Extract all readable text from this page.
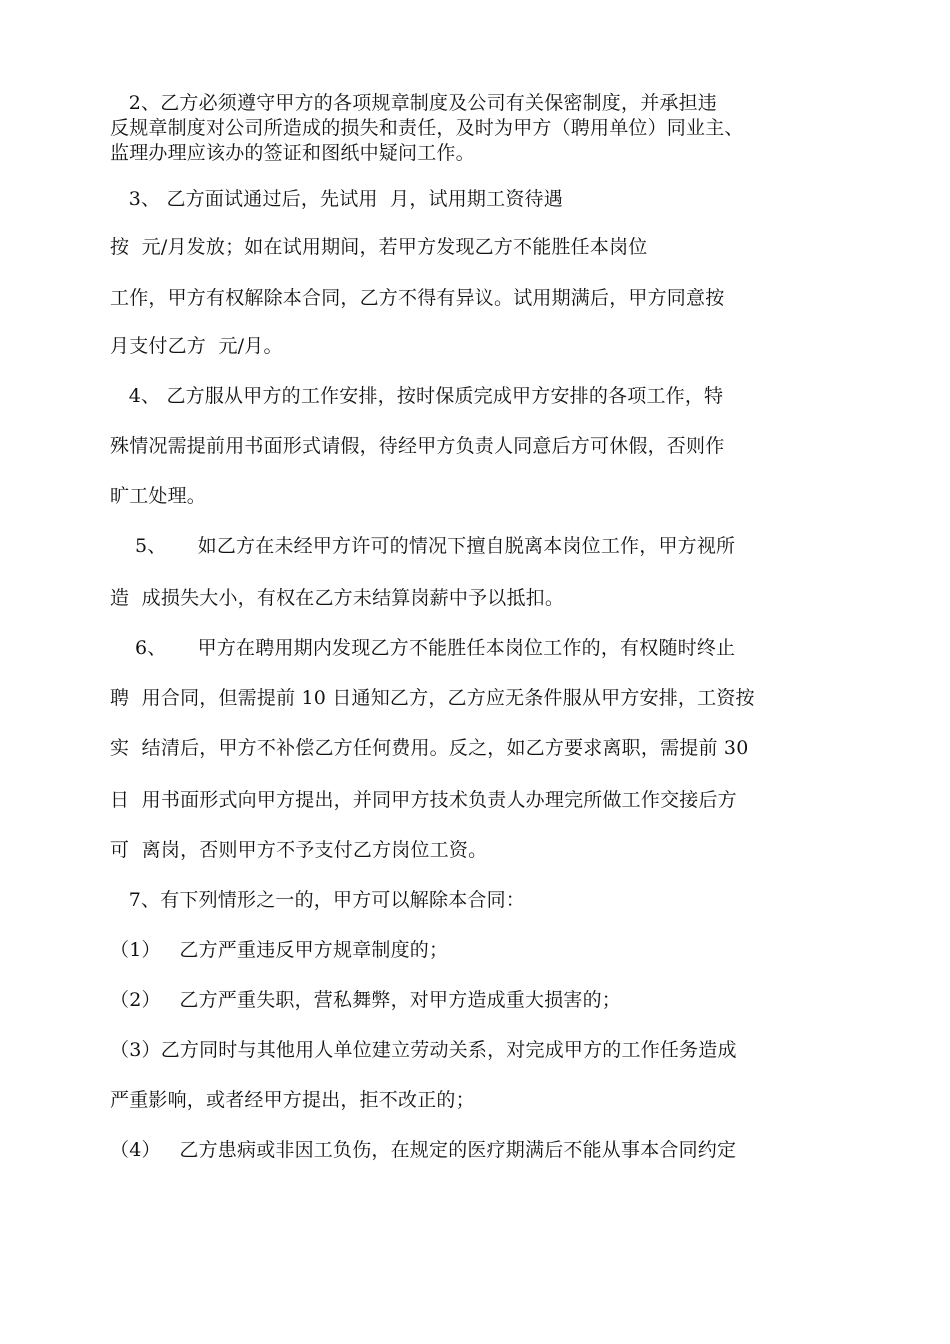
2、乙方必须遵守甲方的各项规章制度及公司有关保密制度，并承担违
反规章制度对公司所造成的损失和责任，及时为甲方（聘用单位）同业主、
监理办理应该办的签证和图纸中疑问工作。
3、 乙方面试通过后，先试用  月，试用期工资待遇
按  元/月发放；如在试用期间，若甲方发现乙方不能胜任本岗位
工作，甲方有权解除本合同，乙方不得有异议。试用期满后，甲方同意按
月支付乙方  元/月。
4、 乙方服从甲方的工作安排，按时保质完成甲方安排的各项工作，特
殊情况需提前用书面形式请假，待经甲方负责人同意后方可休假，否则作
旷工处理。
5、     如乙方在未经甲方许可的情况下擅自脱离本岗位工作，甲方视所
造  成损失大小，有权在乙方未结算岗薪中予以抵扣。
6、     甲方在聘用期内发现乙方不能胜任本岗位工作的，有权随时终止
聘  用合同，但需提前 10 日通知乙方，乙方应无条件服从甲方安排，工资按
实  结清后，甲方不补偿乙方任何费用。反之，如乙方要求离职，需提前 30
日  用书面形式向甲方提出，并同甲方技术负责人办理完所做工作交接后方
可  离岗，否则甲方不予支付乙方岗位工资。
7、有下列情形之一的，甲方可以解除本合同：
（1）   乙方严重违反甲方规章制度的；
（2）   乙方严重失职，营私舞弊，对甲方造成重大损害的；
（3）乙方同时与其他用人单位建立劳动关系，对完成甲方的工作任务造成
严重影响，或者经甲方提出，拒不改正的；
（4）   乙方患病或非因工负伤，在规定的医疗期满后不能从事本合同约定
